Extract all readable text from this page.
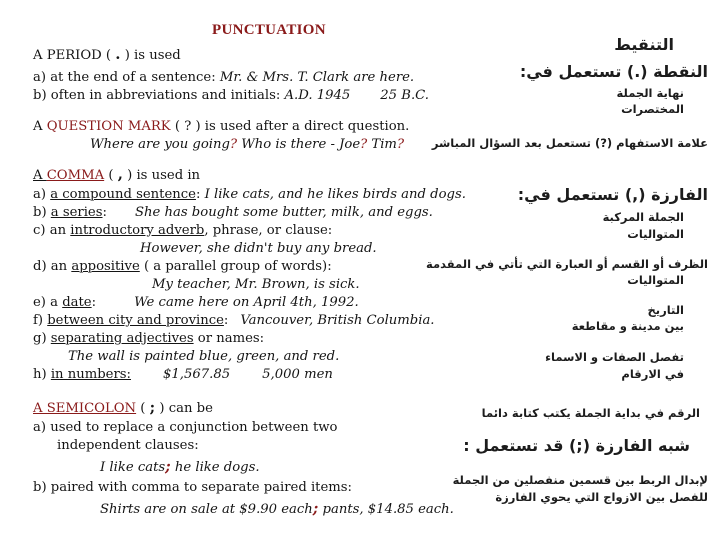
PUNCTUATION
A PERIOD ( . ) is used
a) at the end of a sentence: Mr. & Mrs. T. Clark are here.
b) often in abbreviations and initials: A.D. 1945 25 B.C.
A QUESTION MARK ( ? ) is used after a direct question.
Where are you going? Who is there - Joe? Tim?
A COMMA ( , ) is used in
a) a compound sentence: I like cats, and he likes birds and dogs.
b) a series: She has bought some butter, milk, and eggs.
c) an introductory adverb, phrase, or clause:
However, she didn't buy any bread.
d) an appositive ( a parallel group of words):
My teacher, Mr. Brown, is sick.
e) a date:	We came here on April 4th, 1992.
f) between city and province: Vancouver, British Columbia.
g) separating adjectives or names:
The wall is painted blue, green, and red.
h) in numbers: $1,567.85 5,000 men
A SEMICOLON ( ; ) can be
a) used to replace a conjunction between two
independent clauses:
I like cats; he like dogs.
b) paired with comma to separate paired items:
Shirts are on sale at $9.90 each; pants, $14.85 each.
التنقيط
النقطة (.) تستعمل في:
نهاية الجملة
المختصرات
علامة الاستفهام (?) تستعمل بعد السؤال المباشر
الفارزة (,) تستعمل في:
الجملة المركبة
المتواليات
الظرف أو القسم أو العبارة التي تأتي في المقدمة
المتواليات
التاريخ
بين مدينة و مقاطعة
تفصل الصفات و الاسماء
في الارقام
الرقم في بداية الجملة يكتب كتابة دائما
شبه الفارزة (;) قد تستعمل :
لإبدال الربط بين قسمين منفصلين من الجملة
للفصل بين الازواج التي يحوي الفارزة
